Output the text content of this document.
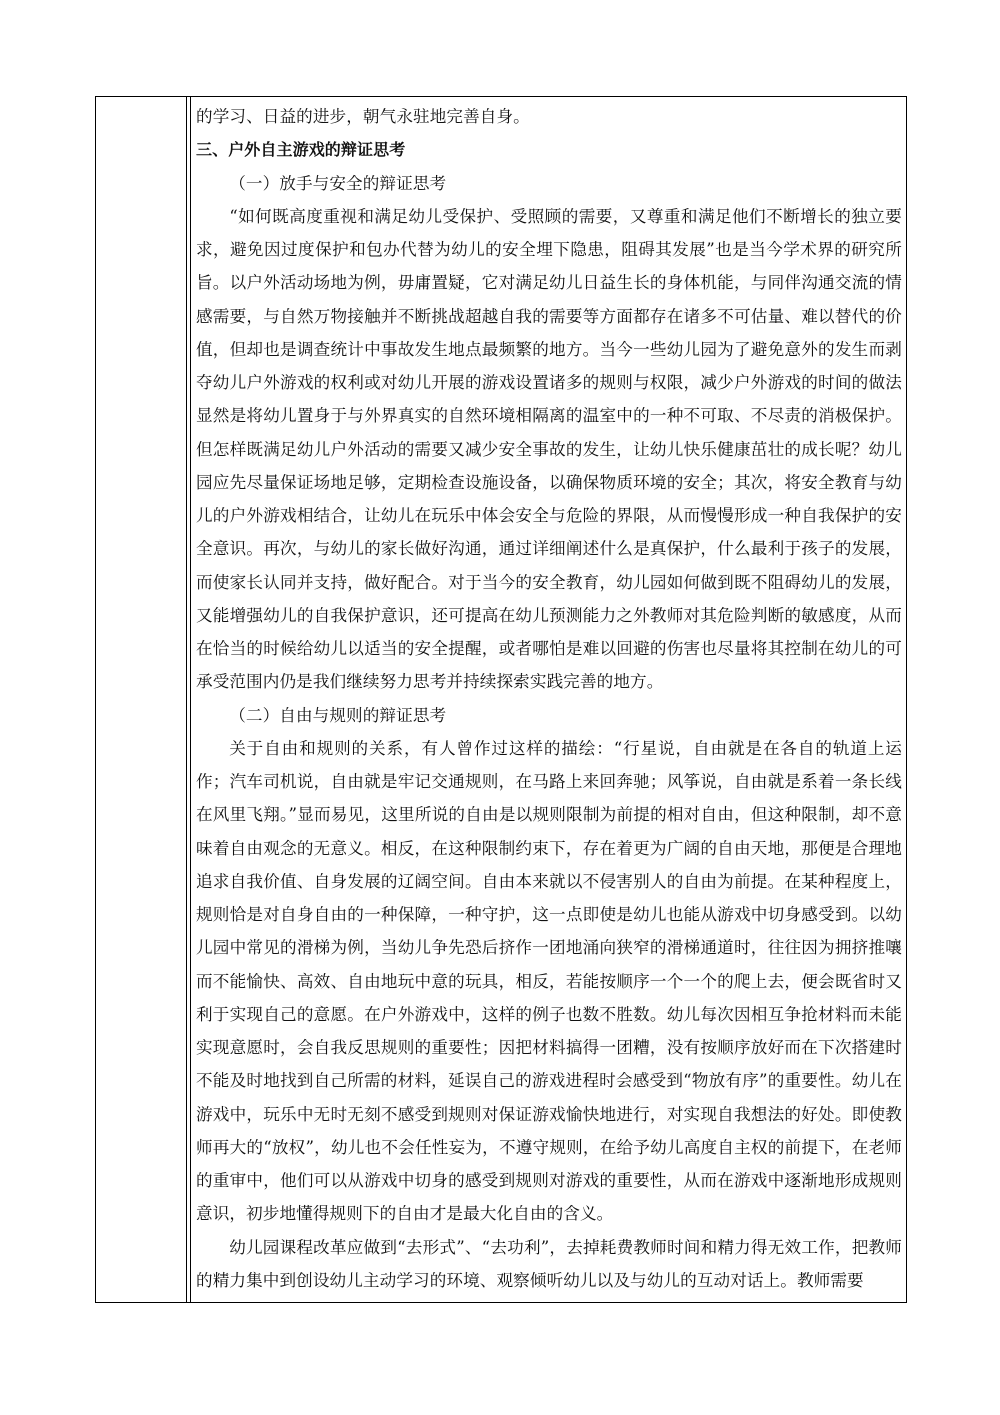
的学习、日益的进步，朝气永驻地完善自身。

三、户外自主游戏的辩证思考

（一）放手与安全的辩证思考

“如何既高度重视和满足幼儿受保护、受照顾的需要，又尊重和满足他们不断增长的独立要求，避免因过度保护和包办代替为幼儿的安全埋下隐患，阻碍其发展”也是当今学术界的研究所旨。以户外活动场地为例，毋庸置疑，它对满足幼儿日益生长的身体机能，与同伴沟通交流的情感需要，与自然万物接触并不断挑战超越自我的需要等方面都存在诸多不可估量、难以替代的价值，但却也是调查统计中事故发生地点最频繁的地方。当今一些幼儿园为了避免意外的发生而剥夺幼儿户外游戏的权利或对幼儿开展的游戏设置诸多的规则与权限，减少户外游戏的时间的做法显然是将幼儿置身于与外界真实的自然环境相隔离的温室中的一种不可取、不尽责的消极保护。但怎样既满足幼儿户外活动的需要又减少安全事故的发生，让幼儿快乐健康茁壮的成长呢？幼儿园应先尽量保证场地足够，定期检查设施设备，以确保物质环境的安全；其次，将安全教育与幼儿的户外游戏相结合，让幼儿在玩乐中体会安全与危险的界限，从而慢慢形成一种自我保护的安全意识。再次，与幼儿的家长做好沟通，通过详细阐述什么是真保护，什么最利于孩子的发展，而使家长认同并支持，做好配合。对于当今的安全教育，幼儿园如何做到既不阻碍幼儿的发展，又能增强幼儿的自我保护意识，还可提高在幼儿预测能力之外教师对其危险判断的敏感度，从而在恰当的时候给幼儿以适当的安全提醒，或者哪怕是难以回避的伤害也尽量将其控制在幼儿的可承受范围内仍是我们继续努力思考并持续探索实践完善的地方。

（二）自由与规则的辩证思考

关于自由和规则的关系，有人曾作过这样的描绘：“行星说，自由就是在各自的轨道上运作；汽车司机说，自由就是牢记交通规则，在马路上来回奔驰；风筝说，自由就是系着一条长线在风里飞翔。”显而易见，这里所说的自由是以规则限制为前提的相对自由，但这种限制，却不意味着自由观念的无意义。相反，在这种限制约束下，存在着更为广阔的自由天地，那便是合理地追求自我价值、自身发展的辽阔空间。自由本来就以不侵害别人的自由为前提。在某种程度上，规则恰是对自身自由的一种保障，一种守护，这一点即使是幼儿也能从游戏中切身感受到。以幼儿园中常见的滑梯为例，当幼儿争先恐后挤作一团地涌向狭窄的滑梯通道时，往往因为拥挤推嚷而不能愉快、高效、自由地玩中意的玩具，相反，若能按顺序一个一个的爬上去，便会既省时又利于实现自己的意愿。在户外游戏中，这样的例子也数不胜数。幼儿每次因相互争抢材料而未能实现意愿时，会自我反思规则的重要性；因把材料搞得一团糟，没有按顺序放好而在下次搭建时不能及时地找到自己所需的材料，延误自己的游戏进程时会感受到“物放有序”的重要性。幼儿在游戏中，玩乐中无时无刻不感受到规则对保证游戏愉快地进行，对实现自我想法的好处。即使教师再大的“放权”，幼儿也不会任性妄为，不遵守规则，在给予幼儿高度自主权的前提下，在老师的重审中，他们可以从游戏中切身的感受到规则对游戏的重要性，从而在游戏中逐渐地形成规则意识，初步地懂得规则下的自由才是最大化自由的含义。

幼儿园课程改革应做到“去形式”、“去功利”，去掉耗费教师时间和精力得无效工作，把教师的精力集中到创设幼儿主动学习的环境、观察倾听幼儿以及与幼儿的互动对话上。教师需要
